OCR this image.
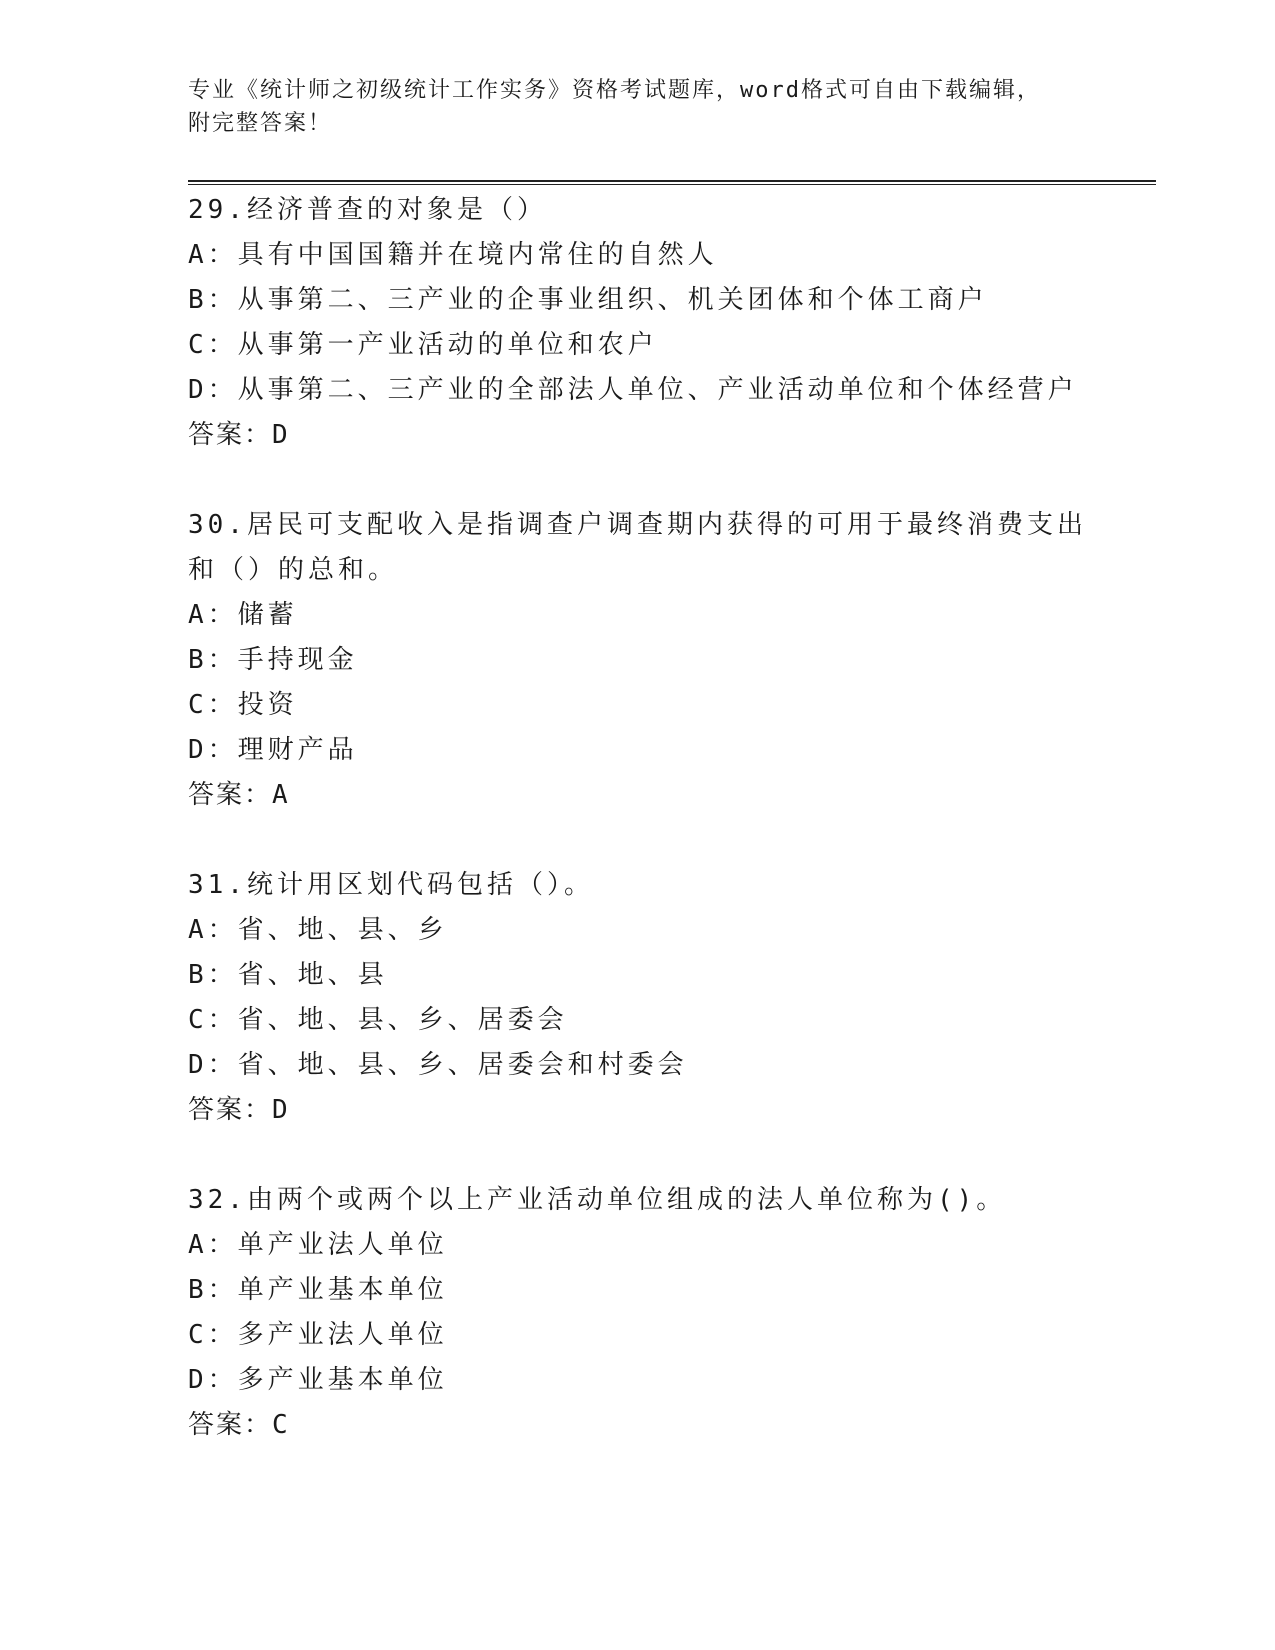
专业《统计师之初级统计工作实务》资格考试题库，word格式可自由下载编辑，
附完整答案！
29.经济普查的对象是（）
A：具有中国国籍并在境内常住的自然人
B：从事第二、三产业的企事业组织、机关团体和个体工商户
C：从事第一产业活动的单位和农户
D：从事第二、三产业的全部法人单位、产业活动单位和个体经营户
答案：D
30.居民可支配收入是指调查户调查期内获得的可用于最终消费支出和（）的总和。
A：储蓄
B：手持现金
C：投资
D：理财产品
答案：A
31.统计用区划代码包括（）。
A：省、地、县、乡
B：省、地、县
C：省、地、县、乡、居委会
D：省、地、县、乡、居委会和村委会
答案：D
32.由两个或两个以上产业活动单位组成的法人单位称为()。
A：单产业法人单位
B：单产业基本单位
C：多产业法人单位
D：多产业基本单位
答案：C
